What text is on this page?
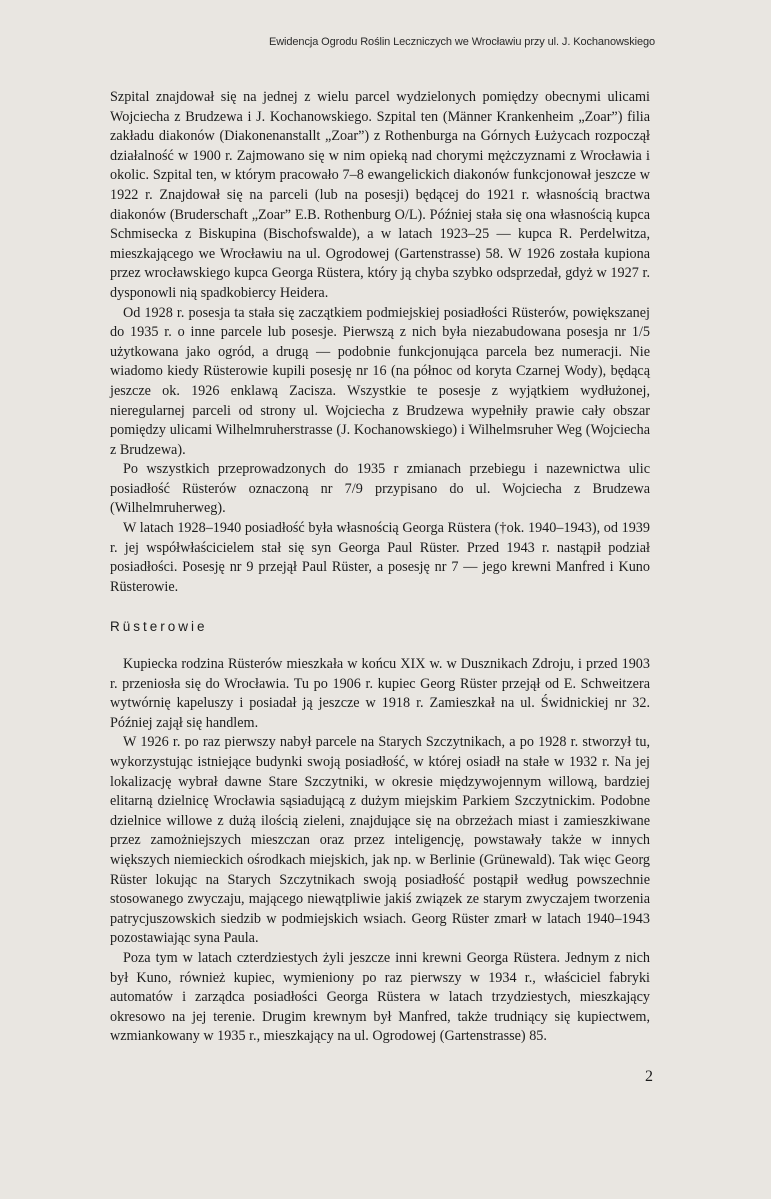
Ewidencja Ogrodu Roślin Leczniczych we Wrocławiu przy ul. J. Kochanowskiego

Szpital znajdował się na jednej z wielu parcel wydzielonych pomiędzy obecnymi ulicami Wojciecha z Brudzewa i J. Kochanowskiego. Szpital ten (Männer Krankenheim „Zoar”) filia zakładu diakonów (Diakonenanstallt „Zoar”) z Rothenburga na Górnych Łużycach rozpoczął działalność w 1900 r. Zajmowano się w nim opieką nad chorymi mężczyznami z Wrocławia i okolic. Szpital ten, w którym pracowało 7–8 ewangelickich diakonów funkcjonował jeszcze w 1922 r. Znajdował się na parceli (lub na posesji) będącej do 1921 r. własnością bractwa diakonów (Bruderschaft „Zoar” E.B. Rothenburg O/L). Później stała się ona własnością kupca Schmisecka z Biskupina (Bischofswalde), a w latach 1923–25 — kupca R. Perdelwitza, mieszkającego we Wrocławiu na ul. Ogrodowej (Gartenstrasse) 58. W 1926 została kupiona przez wrocławskiego kupca Georga Rüstera, który ją chyba szybko odsprzedał, gdyż w 1927 r. dysponowli nią spadkobiercy Heidera.

Od 1928 r. posesja ta stała się zaczątkiem podmiejskiej posiadłości Rüsterów, powiększanej do 1935 r. o inne parcele lub posesje. Pierwszą z nich była niezabudowana posesja nr 1/5 użytkowana jako ogród, a drugą — podobnie funkcjonująca parcela bez numeracji. Nie wiadomo kiedy Rüsterowie kupili posesję nr 16 (na północ od koryta Czarnej Wody), będącą jeszcze ok. 1926 enklawą Zacisza. Wszystkie te posesje z wyjątkiem wydłużonej, nieregularnej parceli od strony ul. Wojciecha z Brudzewa wypełniły prawie cały obszar pomiędzy ulicami Wilhelmruherstrasse (J. Kochanowskiego) i Wilhelmsruher Weg (Wojciecha z Brudzewa).

Po wszystkich przeprowadzonych do 1935 r zmianach przebiegu i nazewnictwa ulic posiadłość Rüsterów oznaczoną nr 7/9 przypisano do ul. Wojciecha z Brudzewa (Wilhelmruherweg).

W latach 1928–1940 posiadłość była własnością Georga Rüstera (†ok. 1940–1943), od 1939 r. jej współwłaścicielem stał się syn Georga Paul Rüster. Przed 1943 r. nastąpił podział posiadłości. Posesję nr 9 przejął Paul Rüster, a posesję nr 7 — jego krewni Manfred i Kuno Rüsterowie.

Rüsterowie

Kupiecka rodzina Rüsterów mieszkała w końcu XIX w. w Dusznikach Zdroju, i przed 1903 r. przeniosła się do Wrocławia. Tu po 1906 r. kupiec Georg Rüster przejął od E. Schweitzera wytwórnię kapeluszy i posiadał ją jeszcze w 1918 r. Zamieszkał na ul. Świdnickiej nr 32. Później zajął się handlem.

W 1926 r. po raz pierwszy nabył parcele na Starych Szczytnikach, a po 1928 r. stworzył tu, wykorzystując istniejące budynki swoją posiadłość, w której osiadł na stałe w 1932 r. Na jej lokalizację wybrał dawne Stare Szczytniki, w okresie międzywojennym willową, bardziej elitarną dzielnicę Wrocławia sąsiadującą z dużym miejskim Parkiem Szczytnickim. Podobne dzielnice willowe z dużą ilością zieleni, znajdujące się na obrzeżach miast i zamieszkiwane przez zamożniejszych mieszczan oraz przez inteligencję, powstawały także w innych większych niemieckich ośrodkach miejskich, jak np. w Berlinie (Grünewald). Tak więc Georg Rüster lokując na Starych Szczytnikach swoją posiadłość postąpił według powszechnie stosowanego zwyczaju, mającego niewątpliwie jakiś związek ze starym zwyczajem tworzenia patrycjuszowskich siedzib w podmiejskich wsiach. Georg Rüster zmarł w latach 1940–1943 pozostawiając syna Paula.

Poza tym w latach czterdziestych żyli jeszcze inni krewni Georga Rüstera. Jednym z nich był Kuno, również kupiec, wymieniony po raz pierwszy w 1934 r., właściciel fabryki automatów i zarządca posiadłości Georga Rüstera w latach trzydziestych, mieszkający okresowo na jej terenie. Drugim krewnym był Manfred, także trudniący się kupiectwem, wzmiankowany w 1935 r., mieszkający na ul. Ogrodowej (Gartenstrasse) 85.

2
